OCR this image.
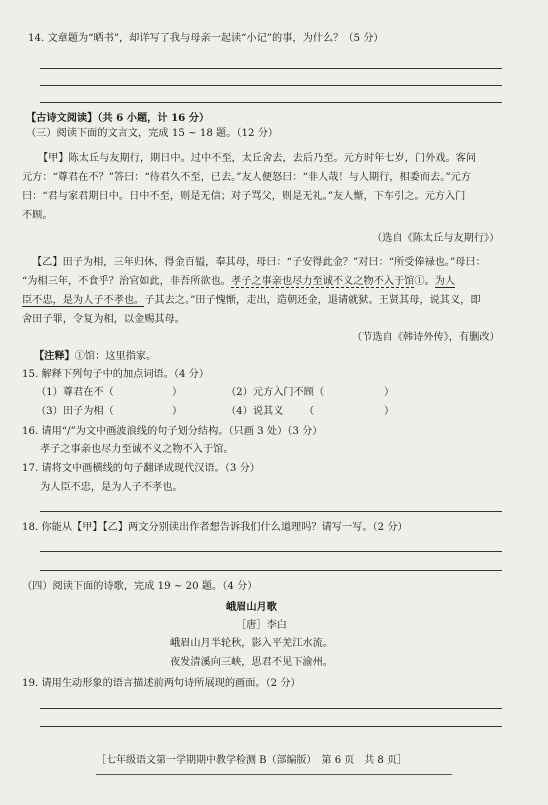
14. 文章题为“晒书”，却详写了我与母亲一起读“小记”的事，为什么？（5 分）
【古诗文阅读】（共 6 小题，计 16 分）
（三）阅读下面的文言文，完成 15 ~ 18 题。（12 分）
【甲】陈太丘与友期行，期日中。过中不至，太丘舍去，去后乃至。元方时年七岁，门外戏。客问
元方：“尊君在不？”答曰：“待君久不至，已去。”友人便怒曰：“非人哉！与人期行，相委而去。”元方
曰：“君与家君期日中。日中不至，则是无信；对子骂父，则是无礼。”友人惭，下车引之。元方入门
不顾。
（选自《陈太丘与友期行》）
【乙】田子为相，三年归休，得金百镒，奉其母，母曰：“子安得此金？”对曰：“所受俸禄也。”母曰：
“为相三年，不食乎？治官如此，非吾所欲也。孝子之事亲也尽力至诚不义之物不入于馆①。为人
臣不忠，是为人子不孝也。子其去之。”田子愧惭，走出，造朝还金，退请就狱。王贤其母，说其义，即
舍田子罪，令复为相，以金赐其母。
（节选自《韩诗外传》，有删改）
【注释】①馆：这里指家。
15. 解释下列句子中的加点词语。（4 分）
（1）尊君在不（	）	（2）元方入门不顾（	）
（3）田子为相（	）	（4）说其义 （	）
16. 请用“/”为文中画波浪线的句子划分结构。（只画 3 处）（3 分）
孝子之事亲也尽力至诚不义之物不入于馆。
17. 请将文中画横线的句子翻译成现代汉语。（3 分）
为人臣不忠，是为人子不孝也。
18. 你能从【甲】【乙】两文分别读出作者想告诉我们什么道理吗？请写一写。（2 分）
（四）阅读下面的诗歌，完成 19 ~ 20 题。（4 分）
峨眉山月歌
［唐］李白
峨眉山月半轮秋，影入平羌江水流。
夜发清溪向三峡，思君不见下渝州。
19. 请用生动形象的语言描述前两句诗所展现的画面。（2 分）
［七年级语文第一学期期中教学检测 B（部编版）　第 6 页　共 8 页］
